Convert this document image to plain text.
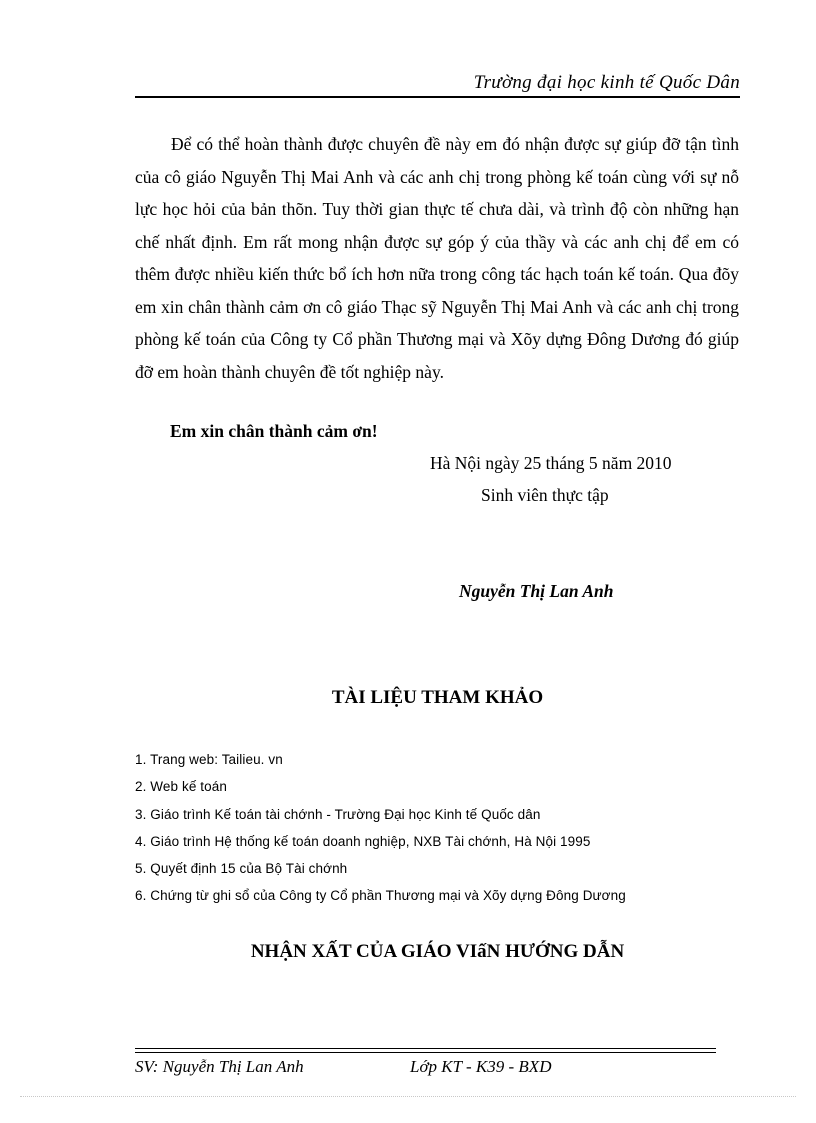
Trường đại học kinh tế Quốc Dân

Để có thể hoàn thành được chuyên đề này em đó nhận được sự giúp đỡ tận tình của cô giáo Nguyễn Thị Mai Anh và các anh chị trong phòng kế toán cùng với sự nỗ lực học hỏi của bản thõn. Tuy thời gian thực tế chưa dài, và trình độ còn những hạn chế nhất định. Em rất mong nhận được sự góp ý của thầy và các anh chị để em có thêm được nhiều kiến thức bổ ích hơn nữa trong công tác hạch toán kế toán. Qua đõy em xin chân thành cảm ơn cô giáo Thạc sỹ Nguyễn Thị Mai Anh và các anh chị trong phòng kế toán của Công ty Cổ phần Thương mại và Xõy dựng Đông Dương đó giúp đỡ em hoàn thành chuyên đề tốt nghiệp này.

Em xin chân thành cảm ơn!

Hà Nội ngày 25 tháng 5 năm 2010

Sinh viên thực tập

Nguyễn Thị Lan Anh

TÀI LIỆU THAM KHẢO
1. Trang web: Tailieu. vn
2. Web kế toán
3. Giáo trình Kế toán tài chớnh - Trường Đại học Kinh tế Quốc dân
4. Giáo trình Hệ thống kế toán doanh nghiệp, NXB Tài chớnh, Hà Nội 1995
5. Quyết định 15 của Bộ Tài chớnh
6. Chứng từ ghi sổ của Công ty Cổ phần Thương mại và Xõy dựng Đông Dương
NHẬN XẤT CỦA GIÁO VIấN HƯỚNG DẪN

SV: Nguyễn Thị Lan Anh	Lớp KT - K39 - BXD
